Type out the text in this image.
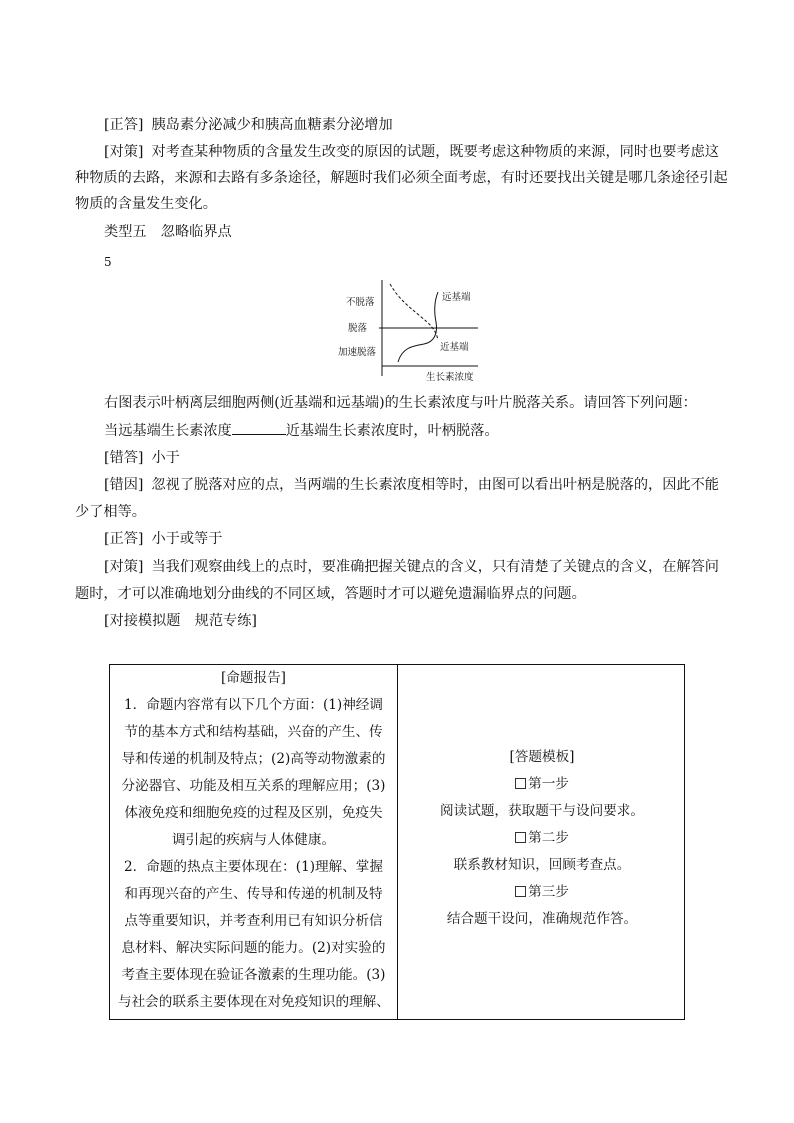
[正答] 胰岛素分泌减少和胰高血糖素分泌增加
[对策] 对考查某种物质的含量发生改变的原因的试题，既要考虑这种物质的来源，同时也要考虑这
种物质的去路，来源和去路有多条途径，解题时我们必须全面考虑，有时还要找出关键是哪几条途径引起
物质的含量发生变化。
类型五　忽略临界点
5
不脱落
脱落
加速脱落
远基端
近基端
生长素浓度
右图表示叶柄离层细胞两侧(近基端和远基端)的生长素浓度与叶片脱落关系。请回答下列问题：
当远基端生长素浓度	近基端生长素浓度时，叶柄脱落。
[错答] 小于
[错因] 忽视了脱落对应的点，当两端的生长素浓度相等时，由图可以看出叶柄是脱落的，因此不能
少了相等。
[正答] 小于或等于
[对策] 当我们观察曲线上的点时，要准确把握关键点的含义，只有清楚了关键点的含义，在解答问
题时，才可以准确地划分曲线的不同区域，答题时才可以避免遗漏临界点的问题。
[对接模拟题　规范专练]
[命题报告]
1．命题内容常有以下几个方面：(1)神经调
节的基本方式和结构基础，兴奋的产生、传
导和传递的机制及特点；(2)高等动物激素的
分泌器官、功能及相互关系的理解应用；(3)
体液免疫和细胞免疫的过程及区别，免疫失
调引起的疾病与人体健康。
2．命题的热点主要体现在：(1)理解、掌握
和再现兴奋的产生、传导和传递的机制及特
点等重要知识，并考查利用已有知识分析信
息材料、解决实际问题的能力。(2)对实验的
考查主要体现在验证各激素的生理功能。(3)
与社会的联系主要体现在对免疫知识的理解、
[答题模板]
第一步
阅读试题，获取题干与设问要求。
第二步
联系教材知识，回顾考查点。
第三步
结合题干设问，准确规范作答。
